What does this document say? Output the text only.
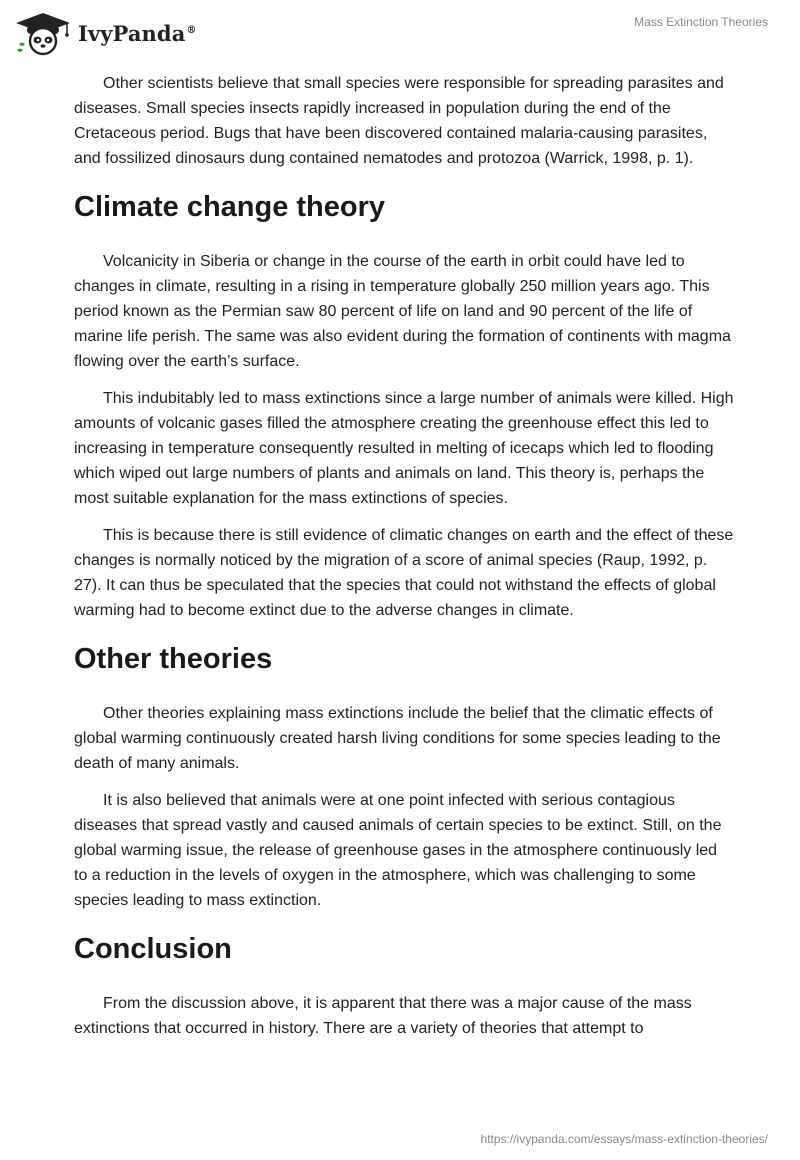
IvyPanda®
Mass Extinction Theories

Other scientists believe that small species were responsible for spreading parasites and diseases. Small species insects rapidly increased in population during the end of the Cretaceous period. Bugs that have been discovered contained malaria-causing parasites, and fossilized dinosaurs dung contained nematodes and protozoa (Warrick, 1998, p. 1).

Climate change theory

Volcanicity in Siberia or change in the course of the earth in orbit could have led to changes in climate, resulting in a rising in temperature globally 250 million years ago. This period known as the Permian saw 80 percent of life on land and 90 percent of the life of marine life perish. The same was also evident during the formation of continents with magma flowing over the earth’s surface.

This indubitably led to mass extinctions since a large number of animals were killed. High amounts of volcanic gases filled the atmosphere creating the greenhouse effect this led to increasing in temperature consequently resulted in melting of icecaps which led to flooding which wiped out large numbers of plants and animals on land. This theory is, perhaps the most suitable explanation for the mass extinctions of species.

This is because there is still evidence of climatic changes on earth and the effect of these changes is normally noticed by the migration of a score of animal species (Raup, 1992, p. 27). It can thus be speculated that the species that could not withstand the effects of global warming had to become extinct due to the adverse changes in climate.

Other theories

Other theories explaining mass extinctions include the belief that the climatic effects of global warming continuously created harsh living conditions for some species leading to the death of many animals.

It is also believed that animals were at one point infected with serious contagious diseases that spread vastly and caused animals of certain species to be extinct. Still, on the global warming issue, the release of greenhouse gases in the atmosphere continuously led to a reduction in the levels of oxygen in the atmosphere, which was challenging to some species leading to mass extinction.

Conclusion

From the discussion above, it is apparent that there was a major cause of the mass extinctions that occurred in history. There are a variety of theories that attempt to

https://ivypanda.com/essays/mass-extinction-theories/
